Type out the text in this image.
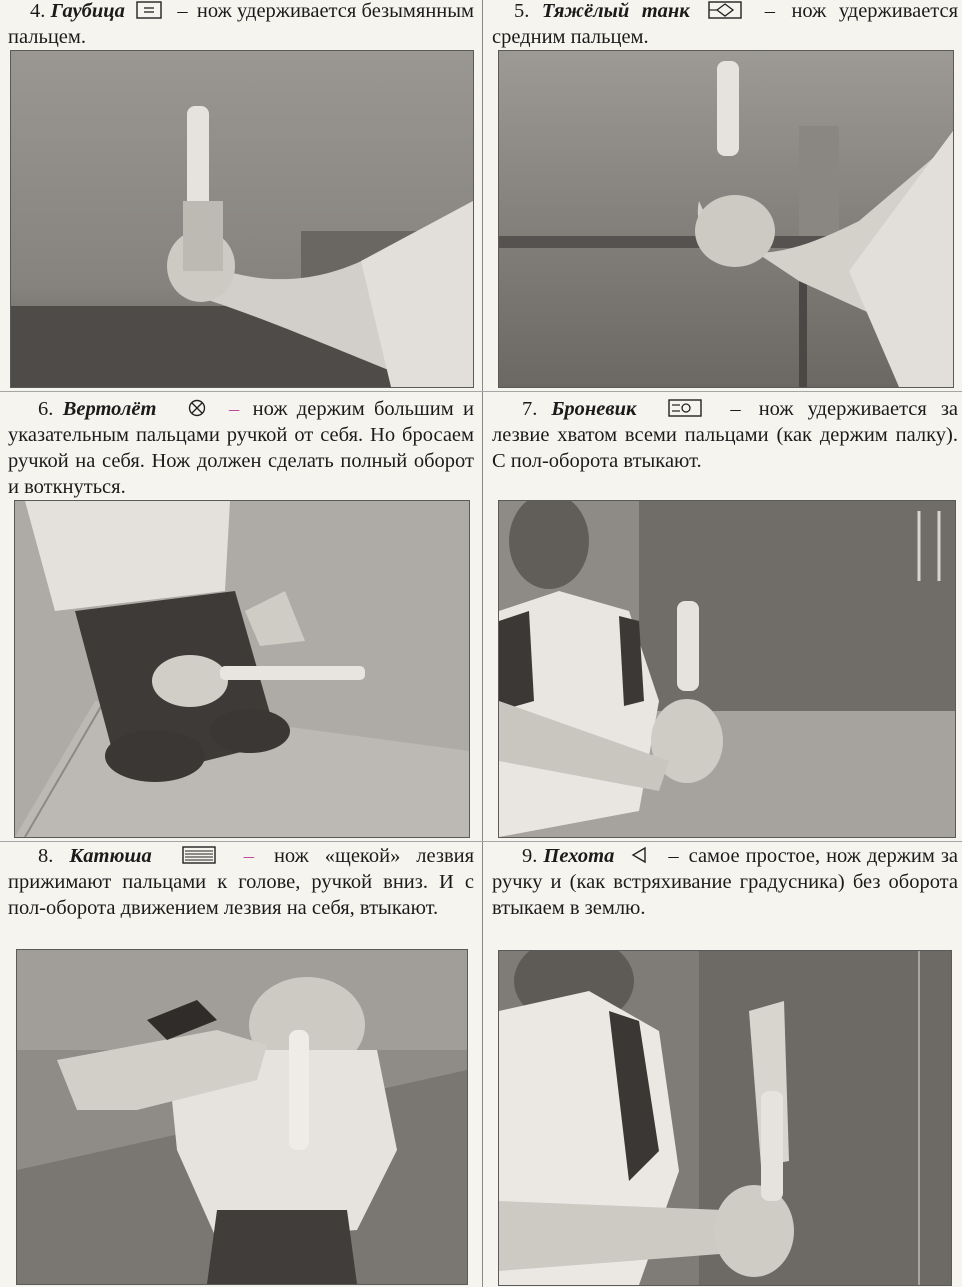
4. Гаубица	– нож удерживается безымянным пальцем.
5. Тяжёлый танк	– нож удерживается средним пальцем.
6. Вертолёт	– нож держим большим и указательным пальцами ручкой от себя. Но бросаем ручкой на себя. Нож должен сделать полный оборот и воткнуться.
7. Броневик	– нож удерживается за лезвие хватом всеми пальцами (как держим палку). С пол-оборота втыкают.
8. Катюша	– нож «щекой» лезвия прижимают пальцами к голове, ручкой вниз. И с пол-оборота движением лезвия на себя, втыкают.
9. Пехота	– самое простое, нож держим за ручку и (как встряхивание градусника) без оборота втыкаем в землю.
